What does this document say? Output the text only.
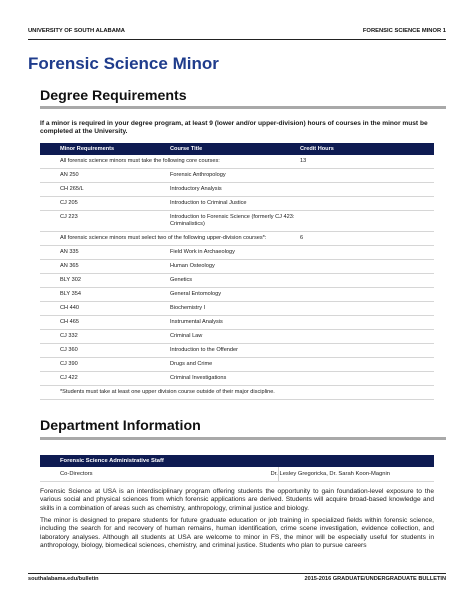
UNIVERSITY OF SOUTH ALABAMA	FORENSIC SCIENCE MINOR 1
Forensic Science Minor
Degree Requirements
If a minor is required in your degree program, at least 9 (lower and/or upper-division) hours of courses in the minor must be completed at the University.
Minor Requirements	Course Title	Credit Hours
All forensic science minors must take the following core courses:		13
AN 250	Forensic Anthropology	
CH 265/L	Introductory Analysis	
CJ 205	Introduction to Criminal Justice	
CJ 223	Introduction to Forensic Science (formerly CJ 423: Criminalistics)	
All forensic science minors must select two of the following upper-division courses*:		6
AN 335	Field Work in Archaeology	
AN 365	Human Osteology	
BLY 302	Genetics	
BLY 354	General Entomology	
CH 440	Biochemistry I	
CH 465	Instrumental Analysis	
CJ 332	Criminal Law	
CJ 360	Introduction to the Offender	
CJ 390	Drugs and Crime	
CJ 422	Criminal Investigations	
*Students must take at least one upper division course outside of their major discipline.		
Department Information
Forensic Science Administrative Staff
Co-Directors	Dr. Lesley Gregoricka, Dr. Sarah Koon-Magnin
Forensic Science at USA is an interdisciplinary program offering students the opportunity to gain foundation-level exposure to the various social and physical sciences from which forensic applications are derived. Students will acquire broad-based knowledge and skills in a combination of areas such as chemistry, anthropology, criminal justice and biology.
The minor is designed to prepare students for future graduate education or job training in specialized fields within forensic science, including the search for and recovery of human remains, human identification, crime scene investigation, evidence collection, and laboratory analyses. Although all students at USA are welcome to minor in FS, the minor will be especially useful for students in anthropology, biology, biomedical sciences, chemistry, and criminal justice. Students who plan to pursue careers
southalabama.edu/bulletin	2015-2016 GRADUATE/UNDERGRADUATE BULLETIN
